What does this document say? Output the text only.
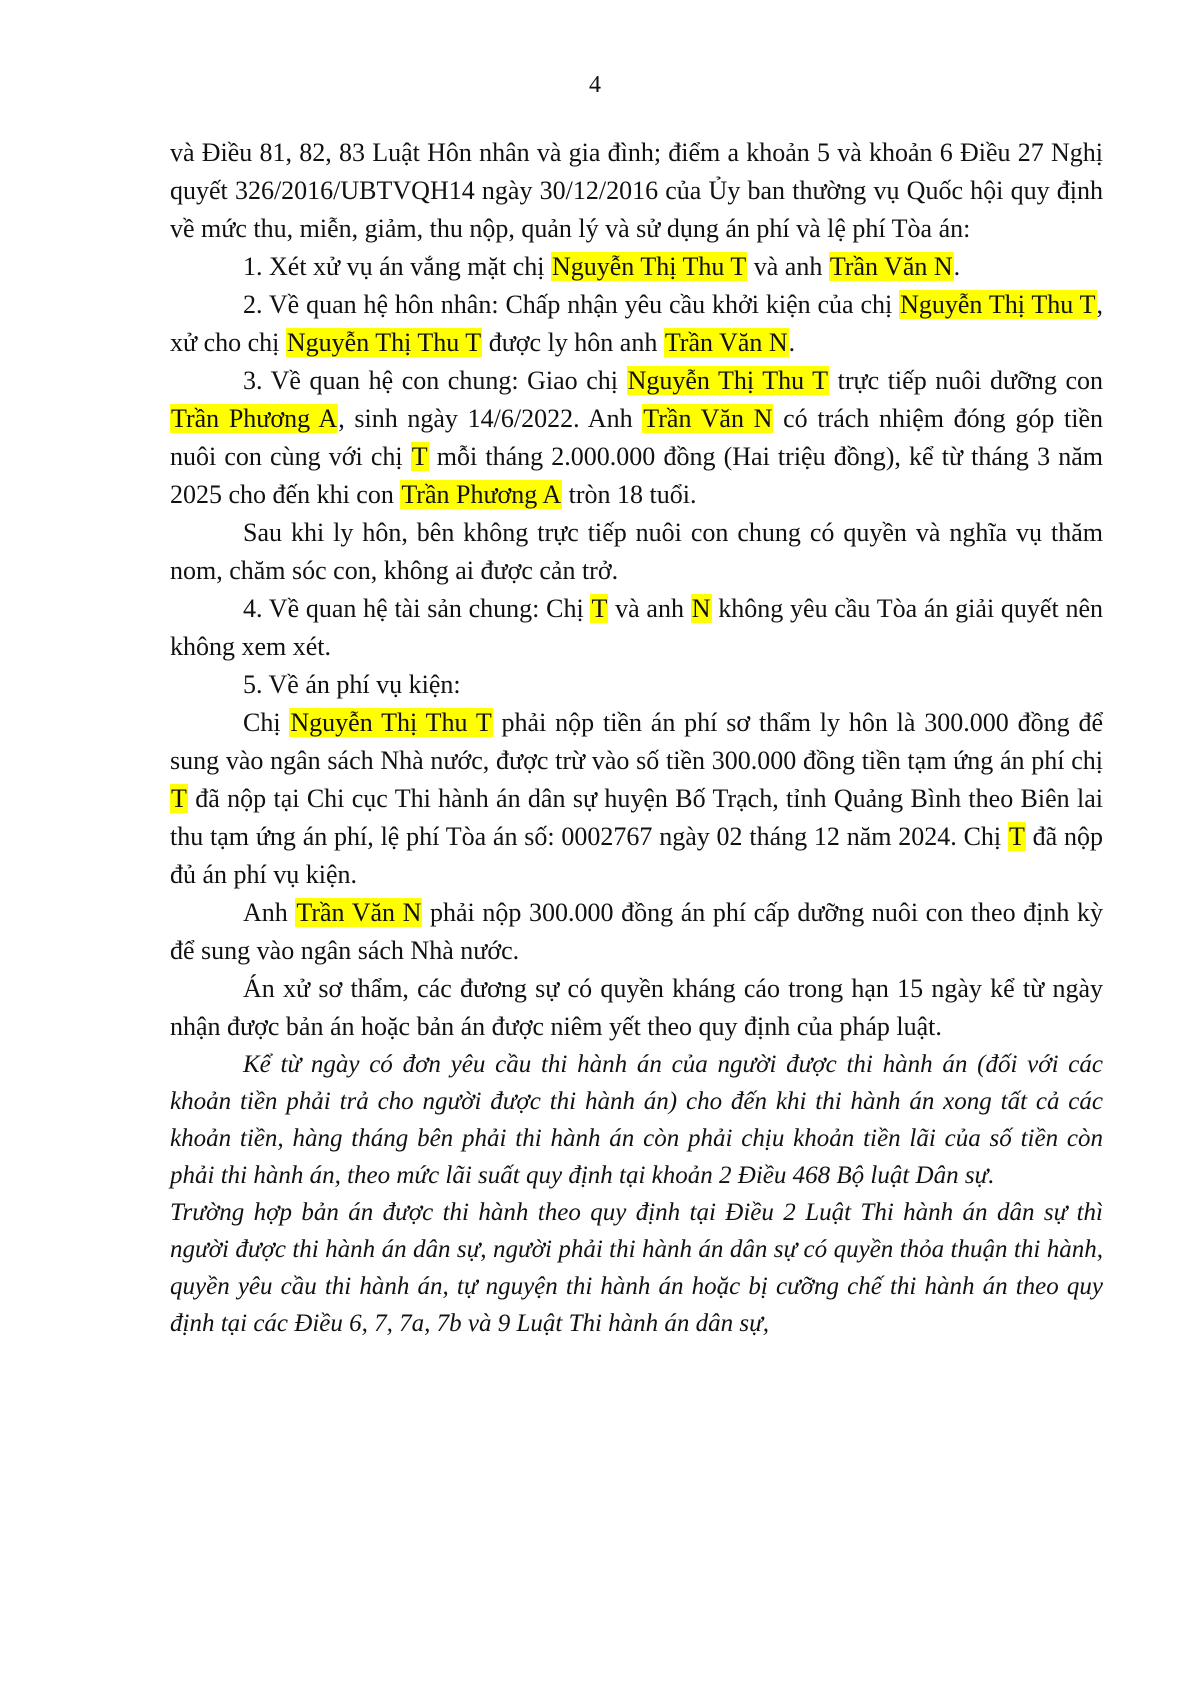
4

và Điều 81, 82, 83 Luật Hôn nhân và gia đình; điểm a khoản 5 và khoản 6 Điều 27 Nghị quyết 326/2016/UBTVQH14 ngày 30/12/2016 của Ủy ban thường vụ Quốc hội quy định về mức thu, miễn, giảm, thu nộp, quản lý và sử dụng án phí và lệ phí Tòa án:

1. Xét xử vụ án vắng mặt chị Nguyễn Thị Thu T và anh Trần Văn N.

2. Về quan hệ hôn nhân: Chấp nhận yêu cầu khởi kiện của chị Nguyễn Thị Thu T, xử cho chị Nguyễn Thị Thu T được ly hôn anh Trần Văn N.

3. Về quan hệ con chung: Giao chị Nguyễn Thị Thu T trực tiếp nuôi dưỡng con Trần Phương A, sinh ngày 14/6/2022. Anh Trần Văn N có trách nhiệm đóng góp tiền nuôi con cùng với chị T mỗi tháng 2.000.000 đồng (Hai triệu đồng), kể từ tháng 3 năm 2025 cho đến khi con Trần Phương A tròn 18 tuổi.

Sau khi ly hôn, bên không trực tiếp nuôi con chung có quyền và nghĩa vụ thăm nom, chăm sóc con, không ai được cản trở.

4. Về quan hệ tài sản chung: Chị T và anh N không yêu cầu Tòa án giải quyết nên không xem xét.

5. Về án phí vụ kiện:

Chị Nguyễn Thị Thu T phải nộp tiền án phí sơ thẩm ly hôn là 300.000 đồng để sung vào ngân sách Nhà nước, được trừ vào số tiền 300.000 đồng tiền tạm ứng án phí chị T đã nộp tại Chi cục Thi hành án dân sự huyện Bố Trạch, tỉnh Quảng Bình theo Biên lai thu tạm ứng án phí, lệ phí Tòa án số: 0002767 ngày 02 tháng 12 năm 2024. Chị T đã nộp đủ án phí vụ kiện.

Anh Trần Văn N phải nộp 300.000 đồng án phí cấp dưỡng nuôi con theo định kỳ để sung vào ngân sách Nhà nước.

Án xử sơ thẩm, các đương sự có quyền kháng cáo trong hạn 15 ngày kể từ ngày nhận được bản án hoặc bản án được niêm yết theo quy định của pháp luật.

Kể từ ngày có đơn yêu cầu thi hành án của người được thi hành án (đối với các khoản tiền phải trả cho người được thi hành án) cho đến khi thi hành án xong tất cả các khoản tiền, hàng tháng bên phải thi hành án còn phải chịu khoản tiền lãi của số tiền còn phải thi hành án, theo mức lãi suất quy định tại khoản 2 Điều 468 Bộ luật Dân sự.

Trường hợp bản án được thi hành theo quy định tại Điều 2 Luật Thi hành án dân sự thì người được thi hành án dân sự, người phải thi hành án dân sự có quyền thỏa thuận thi hành, quyền yêu cầu thi hành án, tự nguyện thi hành án hoặc bị cưỡng chế thi hành án theo quy định tại các Điều 6, 7, 7a, 7b và 9 Luật Thi hành án dân sự,
